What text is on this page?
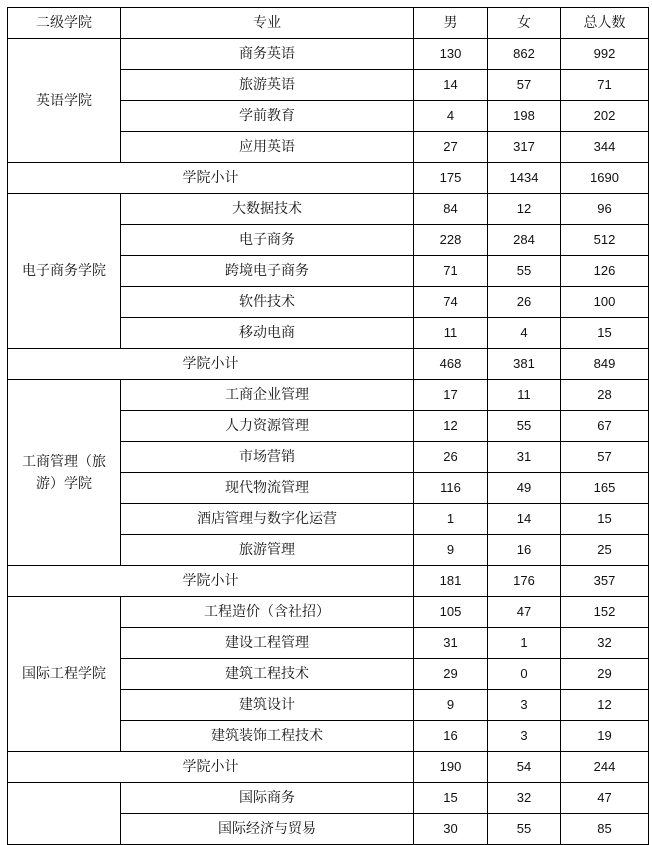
二级学院	专业	男	女	总人数
英语学院	商务英语	130	862	992
	旅游英语	14	57	71
	学前教育	4	198	202
	应用英语	27	317	344
学院小计		175	1434	1690
电子商务学院	大数据技术	84	12	96
	电子商务	228	284	512
	跨境电子商务	71	55	126
	软件技术	74	26	100
	移动电商	11	4	15
学院小计		468	381	849
工商管理（旅游）学院	工商企业管理	17	11	28
	人力资源管理	12	55	67
	市场营销	26	31	57
	现代物流管理	116	49	165
	酒店管理与数字化运营	1	14	15
	旅游管理	9	16	25
学院小计		181	176	357
国际工程学院	工程造价（含社招）	105	47	152
	建设工程管理	31	1	32
	建筑工程技术	29	0	29
	建筑设计	9	3	12
	建筑装饰工程技术	16	3	19
学院小计		190	54	244
	国际商务	15	32	47
	国际经济与贸易	30	55	85
